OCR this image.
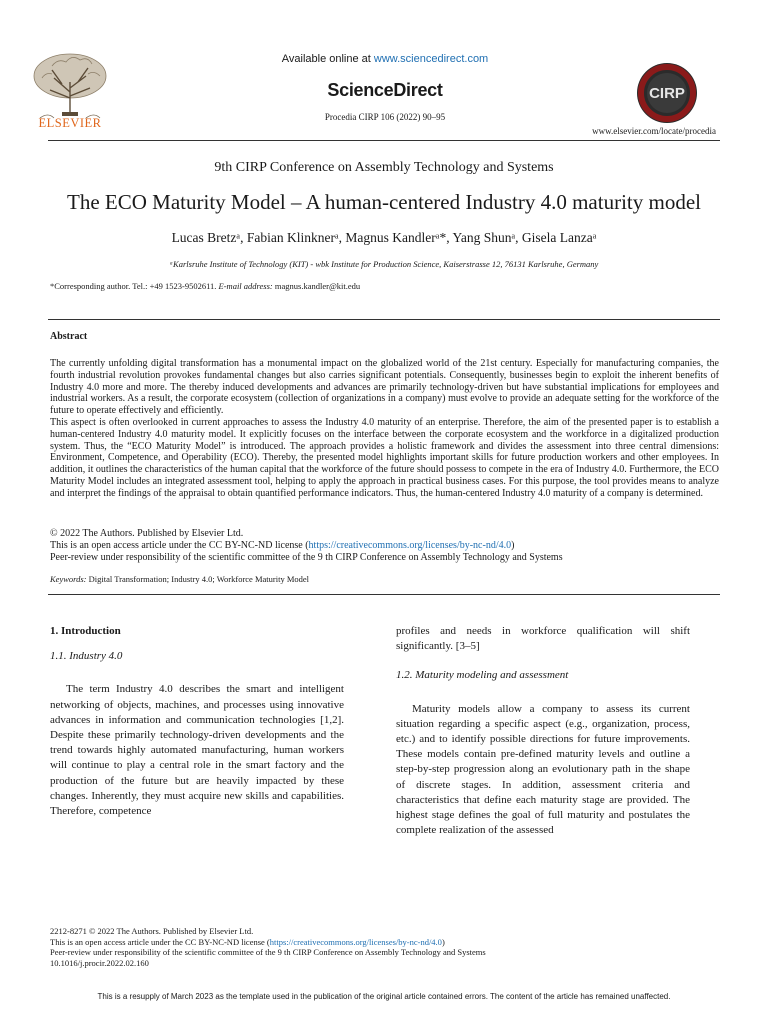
ELSEVIER
Available online at www.sciencedirect.com
ScienceDirect
Procedia CIRP 106 (2022) 90–95
CIRP
www.elsevier.com/locate/procedia
9th CIRP Conference on Assembly Technology and Systems
The ECO Maturity Model – A human-centered Industry 4.0 maturity model
Lucas Bretzᵃ, Fabian Klinknerᵃ, Magnus Kandlerᵃ*, Yang Shunᵃ, Gisela Lanzaᵃ
ᵃKarlsruhe Institute of Technology (KIT) - wbk Institute for Production Science, Kaiserstrasse 12, 76131 Karlsruhe, Germany
*Corresponding author. Tel.: +49 1523-9502611. E-mail address: magnus.kandler@kit.edu
Abstract

The currently unfolding digital transformation has a monumental impact on the globalized world of the 21st century. Especially for manufacturing companies, the fourth industrial revolution provokes fundamental changes but also carries significant potentials. Consequently, businesses begin to exploit the inherent benefits of Industry 4.0 more and more. The thereby induced developments and advances are primarily technology-driven but have substantial implications for employees and industrial workers. As a result, the corporate ecosystem (collection of organizations in a company) must evolve to provide an adequate setting for the workforce of the future to operate effectively and efficiently.

This aspect is often overlooked in current approaches to assess the Industry 4.0 maturity of an enterprise. Therefore, the aim of the presented paper is to establish a human-centered Industry 4.0 maturity model. It explicitly focuses on the interface between the corporate ecosystem and the workforce in a digitalized production system. Thus, the “ECO Maturity Model” is introduced. The approach provides a holistic framework and divides the assessment into three central dimensions: Environment, Competence, and Operability (ECO). Thereby, the presented model highlights important skills for future production workers and other employees. In addition, it outlines the characteristics of the human capital that the workforce of the future should possess to compete in the era of Industry 4.0. Furthermore, the ECO Maturity Model includes an integrated assessment tool, helping to apply the approach in practical business cases. For this purpose, the tool provides means to analyze and interpret the findings of the appraisal to obtain quantified performance indicators. Thus, the human-centered Industry 4.0 maturity of a company is determined.

© 2022 The Authors. Published by Elsevier Ltd.
This is an open access article under the CC BY-NC-ND license (https://creativecommons.org/licenses/by-nc-nd/4.0)
Peer-review under responsibility of the scientific committee of the 9 th CIRP Conference on Assembly Technology and Systems
Keywords: Digital Transformation; Industry 4.0; Workforce Maturity Model
1. Introduction
1.1. Industry 4.0

The term Industry 4.0 describes the smart and intelligent networking of objects, machines, and processes using innovative advances in information and communication technologies [1,2]. Despite these primarily technology-driven developments and the trend towards highly automated manufacturing, human workers will continue to play a central role in the smart factory and the production of the future but are heavily impacted by these changes. Inherently, they must acquire new skills and capabilities. Therefore, competence

profiles and needs in workforce qualification will shift significantly. [3–5]

1.2. Maturity modeling and assessment

Maturity models allow a company to assess its current situation regarding a specific aspect (e.g., organization, process, etc.) and to identify possible directions for future improvements. These models contain pre-defined maturity levels and outline a step-by-step progression along an evolutionary path in the shape of discrete stages. In addition, assessment criteria and characteristics that define each maturity stage are provided. The highest stage defines the goal of full maturity and postulates the complete realization of the assessed

2212-8271 © 2022 The Authors. Published by Elsevier Ltd.
This is an open access article under the CC BY-NC-ND license (https://creativecommons.org/licenses/by-nc-nd/4.0)
Peer-review under responsibility of the scientific committee of the 9 th CIRP Conference on Assembly Technology and Systems
10.1016/j.procir.2022.02.160
This is a resupply of March 2023 as the template used in the publication of the original article contained errors. The content of the article has remained unaffected.
